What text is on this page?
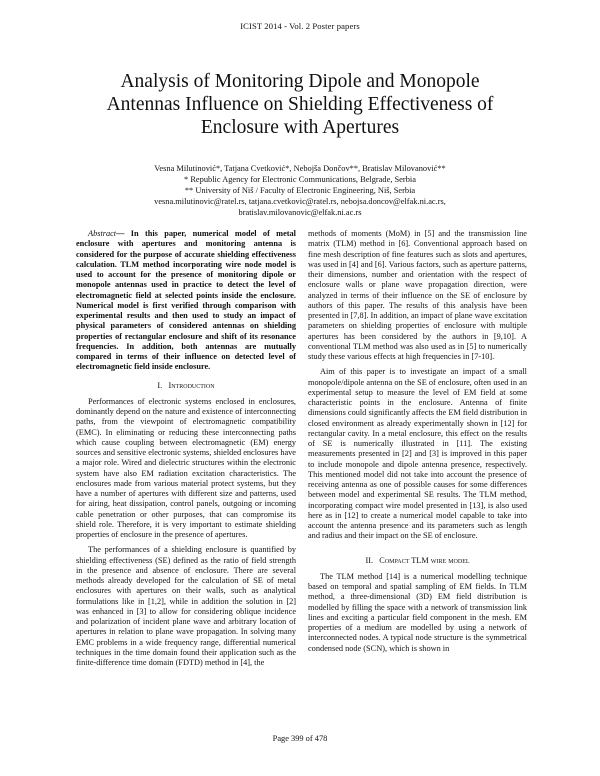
ICIST 2014 - Vol. 2 Poster papers
Analysis of Monitoring Dipole and Monopole
Antennas Influence on Shielding Effectiveness of
Enclosure with Apertures
Vesna Milutinović*, Tatjana Cvetković*, Nebojša Dončov**, Bratislav Milovanović**
* Republic Agency for Electronic Communications, Belgrade, Serbia
** University of Niš / Faculty of Electronic Engineering, Niš, Serbia
vesna.milutinovic@ratel.rs, tatjana.cvetkovic@ratel.rs, nebojsa.doncov@elfak.ni.ac.rs,
bratislav.milovanovic@elfak.ni.ac.rs

Abstract— In this paper, numerical model of metal enclosure with apertures and monitoring antenna is considered for the purpose of accurate shielding effectiveness calculation. TLM method incorporating wire node model is used to account for the presence of monitoring dipole or monopole antennas used in practice to detect the level of electromagnetic field at selected points inside the enclosure. Numerical model is first verified through comparison with experimental results and then used to study an impact of physical parameters of considered antennas on shielding properties of rectangular enclosure and shift of its resonance frequencies. In addition, both antennas are mutually compared in terms of their influence on detected level of electromagnetic field inside enclosure.

I. Introduction

Performances of electronic systems enclosed in enclosures, dominantly depend on the nature and existence of interconnecting paths, from the viewpoint of electromagnetic compatibility (EMC). In eliminating or reducing these interconnecting paths which cause coupling between electromagnetic (EM) energy sources and sensitive electronic systems, shielded enclosures have a major role. Wired and dielectric structures within the electronic system have also EM radiation excitation characteristics. The enclosures made from various material protect systems, but they have a number of apertures with different size and patterns, used for airing, heat dissipation, control panels, outgoing or incoming cable penetration or other purposes, that can compromise its shield role. Therefore, it is very important to estimate shielding properties of enclosure in the presence of apertures.

The performances of a shielding enclosure is quantified by shielding effectiveness (SE) defined as the ratio of field strength in the presence and absence of enclosure. There are several methods already developed for the calculation of SE of metal enclosures with apertures on their walls, such as analytical formulations like in [1,2], while in addition the solution in [2] was enhanced in [3] to allow for considering oblique incidence and polarization of incident plane wave and arbitrary location of apertures in relation to plane wave propagation. In solving many EMC problems in a wide frequency range, differential numerical techniques in the time domain found their application such as the finite-difference time domain (FDTD) method in [4], the

methods of moments (MoM) in [5] and the transmission line matrix (TLM) method in [6]. Conventional approach based on fine mesh description of fine features such as slots and apertures, was used in [4] and [6]. Various factors, such as aperture patterns, their dimensions, number and orientation with the respect of enclosure walls or plane wave propagation direction, were analyzed in terms of their influence on the SE of enclosure by authors of this paper. The results of this analysis have been presented in [7,8]. In addition, an impact of plane wave excitation parameters on shielding properties of enclosure with multiple apertures has been considered by the authors in [9,10]. A conventional TLM method was also used as in [5] to numerically study these various effects at high frequencies in [7-10].

Aim of this paper is to investigate an impact of a small monopole/dipole antenna on the SE of enclosure, often used in an experimental setup to measure the level of EM field at some characteristic points in the enclosure. Antenna of finite dimensions could significantly affects the EM field distribution in closed environment as already experimentally shown in [12] for rectangular cavity. In a metal enclosure, this effect on the results of SE is numerically illustrated in [11]. The existing measurements presented in [2] and [3] is improved in this paper to include monopole and dipole antenna presence, respectively. This mentioned model did not take into account the presence of receiving antenna as one of possible causes for some differences between model and experimental SE results. The TLM method, incorporating compact wire model presented in [13], is also used here as in [12] to create a numerical model capable to take into account the antenna presence and its parameters such as length and radius and their impact on the SE of enclosure.

II. Compact TLM wire model

The TLM method [14] is a numerical modelling technique based on temporal and spatial sampling of EM fields. In TLM method, a three-dimensional (3D) EM field distribution is modelled by filling the space with a network of transmission link lines and exciting a particular field component in the mesh. EM properties of a medium are modelled by using a network of interconnected nodes. A typical node structure is the symmetrical condensed node (SCN), which is shown in

Page 399 of 478
